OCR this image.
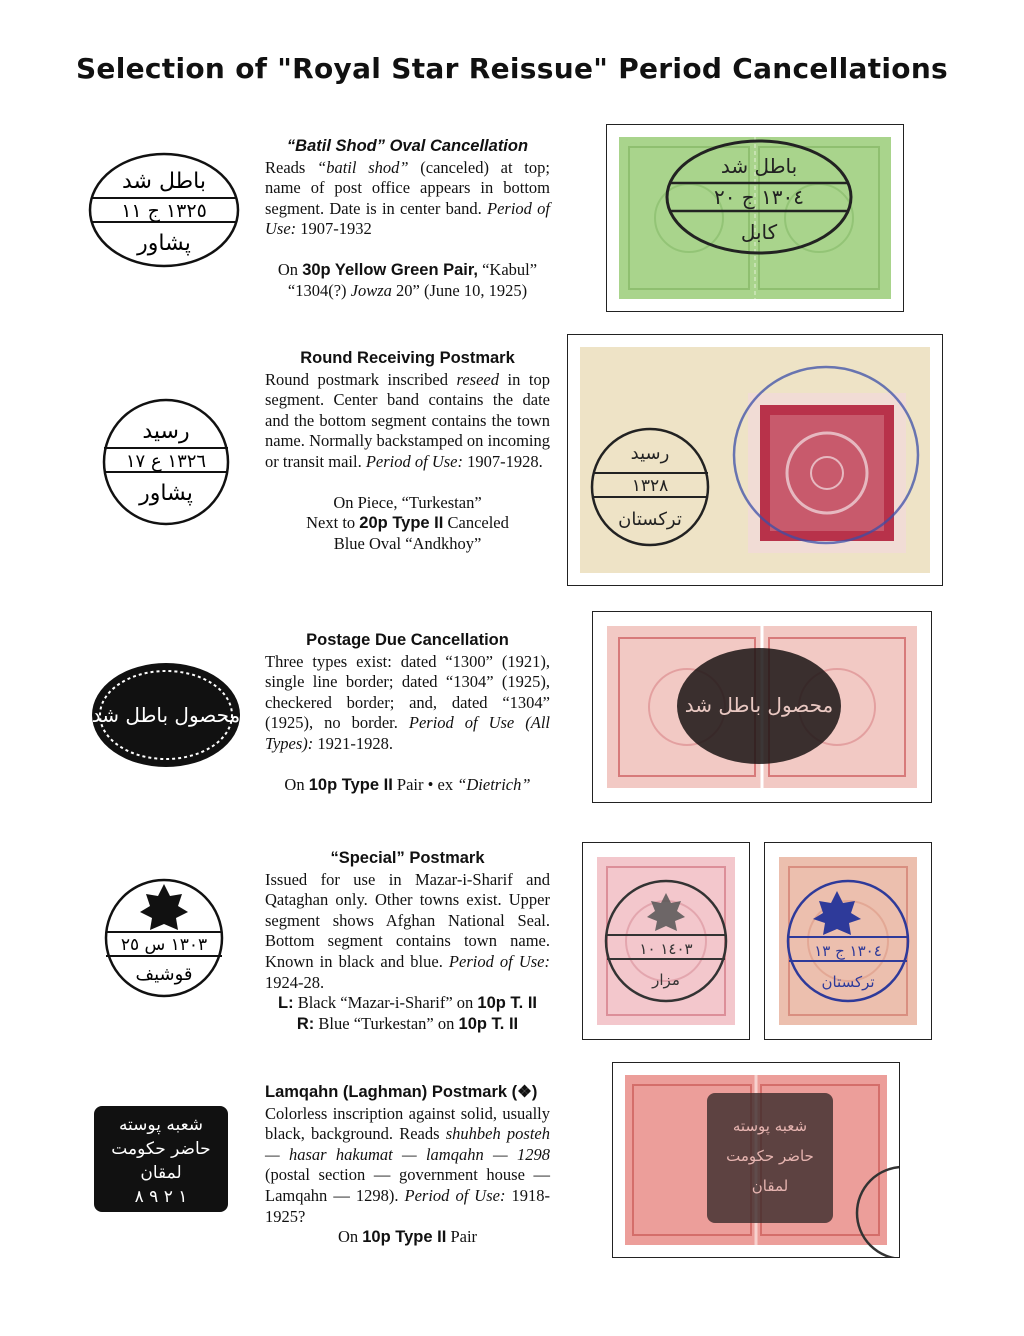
Selection of "Royal Star Reissue" Period Cancellations
باطل شد
١٣٢٥ ج ١١
پشاور
“Batil Shod” Oval Cancellation
Reads “batil shod” (canceled) at top; name of post office appears in bottom segment. Date is in center band. Period of Use: 1907-1932
On 30p Yellow Green Pair, “Kabul”
“1304(?) Jowza 20” (June 10, 1925)
١٣٠٤ ج ٢٠
باطل شد
کابل
رسيد
١٣٢٦ ع ١٧
پشاور
Round Receiving Postmark
Round postmark inscribed reseed in top segment. Center band contains the date and the bottom segment contains the town name. Normally backstamped on incoming or transit mail. Period of Use: 1907-1928.
On Piece, “Turkestan”
Next to 20p Type II Canceled
Blue Oval “Andkhoy”
١٣٢٨
ترکستان
رسيد
محصول باطل شد
Postage Due Cancellation
Three types exist: dated “1300” (1921), single line border; dated “1304” (1925), checkered border; and, dated “1304” (1925), no border. Period of Use (All Types): 1921-1928.
On 10p Type II Pair • ex “Dietrich”
محصول باطل شد
١٣٠٣ س ٢٥
قوشيف
“Special” Postmark
Issued for use in Mazar-i-Sharif and Qataghan only. Other towns exist. Upper segment shows Afghan National Seal. Bottom segment contains town name. Known in black and blue. Period of Use: 1924-28.
L: Black “Mazar-i-Sharif” on 10p T. II
R: Blue “Turkestan” on 10p T. II
١٤٠٣ ١٠
مزار
١٣٠٤ ج ١٣
ترکستان
شعبه پوسته
حاضر حکومت
لمقان
١ ٢ ٩ ٨
Lamqahn (Laghman) Postmark (❖)
Colorless inscription against solid, usually black, background. Reads shuhbeh posteh — hasar hakumat — lamqahn — 1298 (postal section — government house — Lamqahn — 1298). Period of Use: 1918-1925?
On 10p Type II Pair
شعبه پوسته
حاضر حکومت
لمقان
